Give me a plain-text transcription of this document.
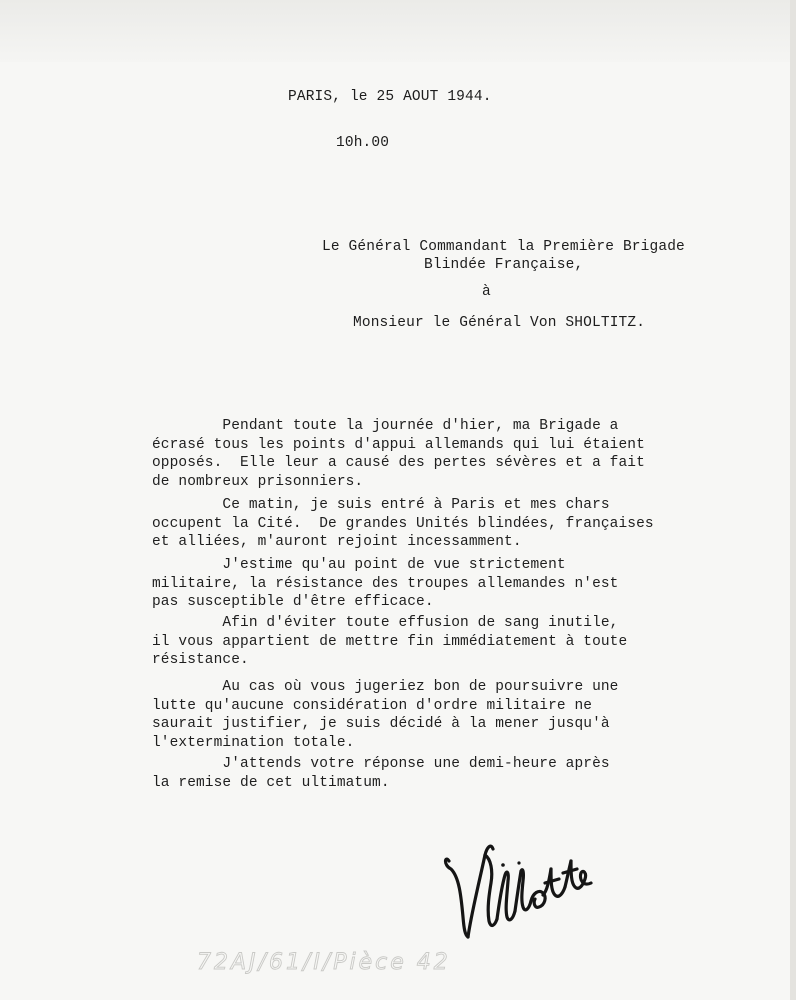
PARIS, le 25 AOUT 1944.
10h.00
Le Général Commandant la Première Brigade
Blindée Française,
à
Monsieur le Général Von SHOLTITZ.
Pendant toute la journée d'hier, ma Brigade a
écrasé tous les points d'appui allemands qui lui étaient
opposés.  Elle leur a causé des pertes sévères et a fait
de nombreux prisonniers.
Ce matin, je suis entré à Paris et mes chars
occupent la Cité.  De grandes Unités blindées, françaises
et alliées, m'auront rejoint incessamment.
J'estime qu'au point de vue strictement
militaire, la résistance des troupes allemandes n'est
pas susceptible d'être efficace.
Afin d'éviter toute effusion de sang inutile,
il vous appartient de mettre fin immédiatement à toute
résistance.
Au cas où vous jugeriez bon de poursuivre une
lutte qu'aucune considération d'ordre militaire ne
saurait justifier, je suis décidé à la mener jusqu'à
l'extermination totale.
J'attends votre réponse une demi-heure après
la remise de cet ultimatum.
72AJ/61/I/Pièce 42
